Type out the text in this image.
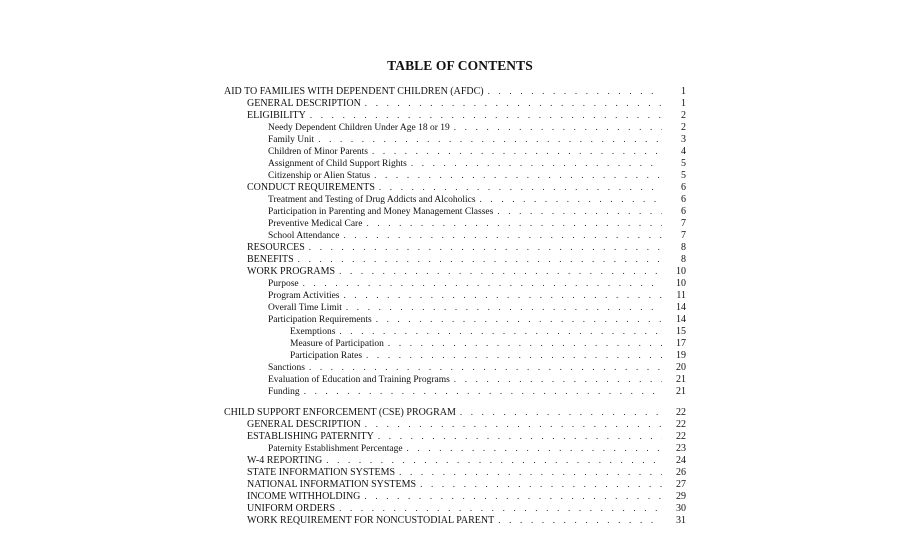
TABLE OF CONTENTS
AID TO FAMILIES WITH DEPENDENT CHILDREN (AFDC) . . .	1
GENERAL DESCRIPTION . . .	1
ELIGIBILITY . . .	2
Needy Dependent Children Under Age 18 or 19 . . .	2
Family Unit . . .	3
Children of Minor Parents . . .	4
Assignment of Child Support Rights . . .	5
Citizenship or Alien Status . . .	5
CONDUCT REQUIREMENTS . . .	6
Treatment and Testing of Drug Addicts and Alcoholics . . .	6
Participation in Parenting and Money Management Classes . . .	6
Preventive Medical Care . . .	7
School Attendance . . .	7
RESOURCES . . .	8
BENEFITS . . .	8
WORK PROGRAMS . . .	10
Purpose . . .	10
Program Activities . . .	11
Overall Time Limit . . .	14
Participation Requirements . . .	14
Exemptions . . .	15
Measure of Participation . . .	17
Participation Rates . . .	19
Sanctions . . .	20
Evaluation of Education and Training Programs . . .	21
Funding . . .	21
CHILD SUPPORT ENFORCEMENT (CSE) PROGRAM . . .	22
GENERAL DESCRIPTION . . .	22
ESTABLISHING PATERNITY . . .	22
Paternity Establishment Percentage . . .	23
W-4 REPORTING . . .	24
STATE INFORMATION SYSTEMS . . .	26
NATIONAL INFORMATION SYSTEMS . . .	27
INCOME WITHHOLDING . . .	29
UNIFORM ORDERS . . .	30
WORK REQUIREMENT FOR NONCUSTODIAL PARENT . . .	31
